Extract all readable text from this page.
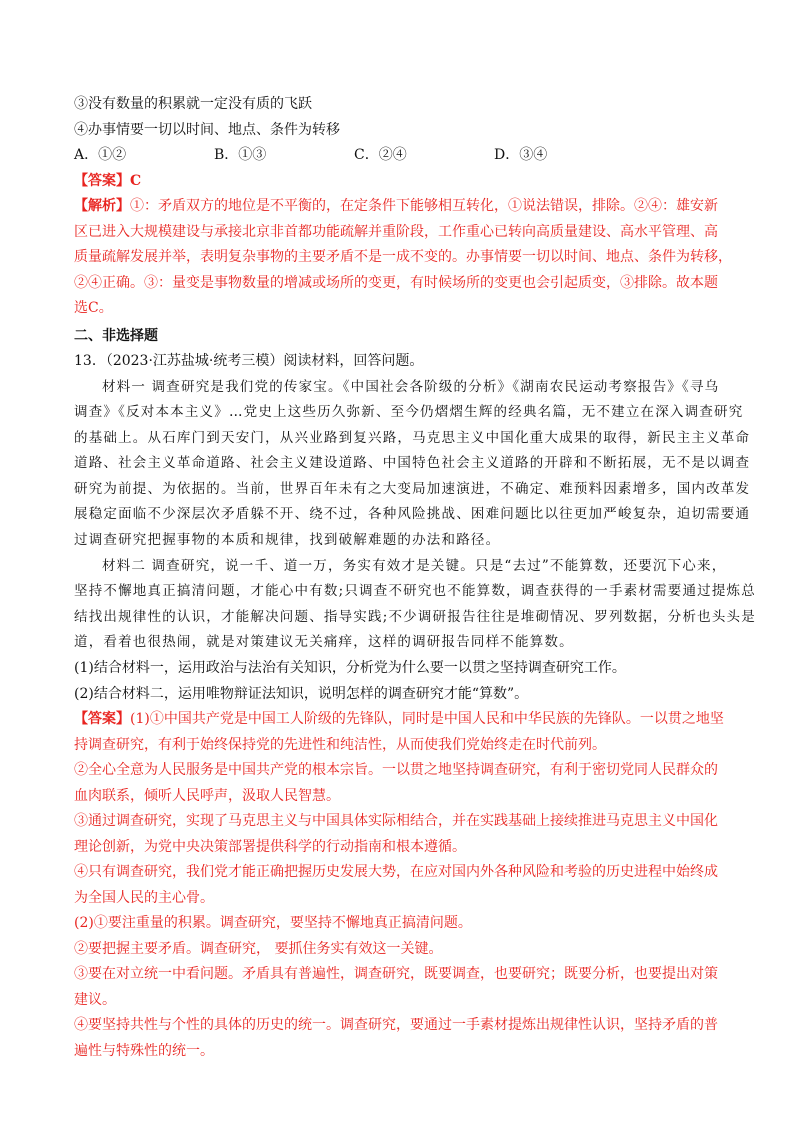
③没有数量的积累就一定没有质的飞跃
④办事情要一切以时间、地点、条件为转移
A．①②	B．①③	C．②④	D．③④
【答案】C
【解析】①：矛盾双方的地位是不平衡的，在定条件下能够相互转化，①说法错误，排除。②④：雄安新
区已进入大规模建设与承接北京非首都功能疏解并重阶段，工作重心已转向高质量建设、高水平管理、高
质量疏解发展并举，表明复杂事物的主要矛盾不是一成不变的。办事情要一切以时间、地点、条件为转移，
②④正确。③：量变是事物数量的增减或场所的变更，有时候场所的变更也会引起质变，③排除。故本题
选C。
二、非选择题
13．（2023·江苏盐城·统考三模）阅读材料，回答问题。
材料一 调查研究是我们党的传家宝。《中国社会各阶级的分析》《湖南农民运动考察报告》《寻乌
调查》《反对本本主义》…党史上这些历久弥新、至今仍熠熠生辉的经典名篇，无不建立在深入调查研究
的基础上。从石库门到天安门，从兴业路到复兴路，马克思主义中国化重大成果的取得，新民主主义革命
道路、社会主义革命道路、社会主义建设道路、中国特色社会主义道路的开辟和不断拓展，无不是以调查
研究为前提、为依据的。当前，世界百年未有之大变局加速演进，不确定、难预料因素增多，国内改革发
展稳定面临不少深层次矛盾躲不开、绕不过，各种风险挑战、困难问题比以往更加严峻复杂，迫切需要通
过调查研究把握事物的本质和规律，找到破解难题的办法和路径。
材料二 调查研究，说一千、道一万，务实有效才是关键。只是“去过”不能算数，还要沉下心来，
坚持不懈地真正搞清问题，才能心中有数;只调查不研究也不能算数，调查获得的一手素材需要通过提炼总
结找出规律性的认识，才能解决问题、指导实践;不少调研报告往往是堆砌情况、罗列数据，分析也头头是
道，看着也很热闹，就是对策建议无关痛痒，这样的调研报告同样不能算数。
(1)结合材料一，运用政治与法治有关知识，分析党为什么要一以贯之坚持调查研究工作。
(2)结合材料二，运用唯物辩证法知识，说明怎样的调查研究才能“算数”。
【答案】(1)①中国共产党是中国工人阶级的先锋队，同时是中国人民和中华民族的先锋队。一以贯之地坚
持调查研究，有利于始终保持党的先进性和纯洁性，从而使我们党始终走在时代前列。
②全心全意为人民服务是中国共产党的根本宗旨。一以贯之地坚持调查研究，有利于密切党同人民群众的
血肉联系，倾听人民呼声，汲取人民智慧。
③通过调查研究，实现了马克思主义与中国具体实际相结合，并在实践基础上接续推进马克思主义中国化
理论创新，为党中央决策部署提供科学的行动指南和根本遵循。
④只有调查研究，我们党才能正确把握历史发展大势，在应对国内外各种风险和考验的历史进程中始终成
为全国人民的主心骨。
(2)①要注重量的积累。调查研究，要坚持不懈地真正搞清问题。
②要把握主要矛盾。调查研究， 要抓住务实有效这一关键。
③要在对立统一中看问题。矛盾具有普遍性，调查研究，既要调查，也要研究；既要分析，也要提出对策
建议。
④要坚持共性与个性的具体的历史的统一。调查研究，要通过一手素材提炼出规律性认识，坚持矛盾的普
遍性与特殊性的统一。
